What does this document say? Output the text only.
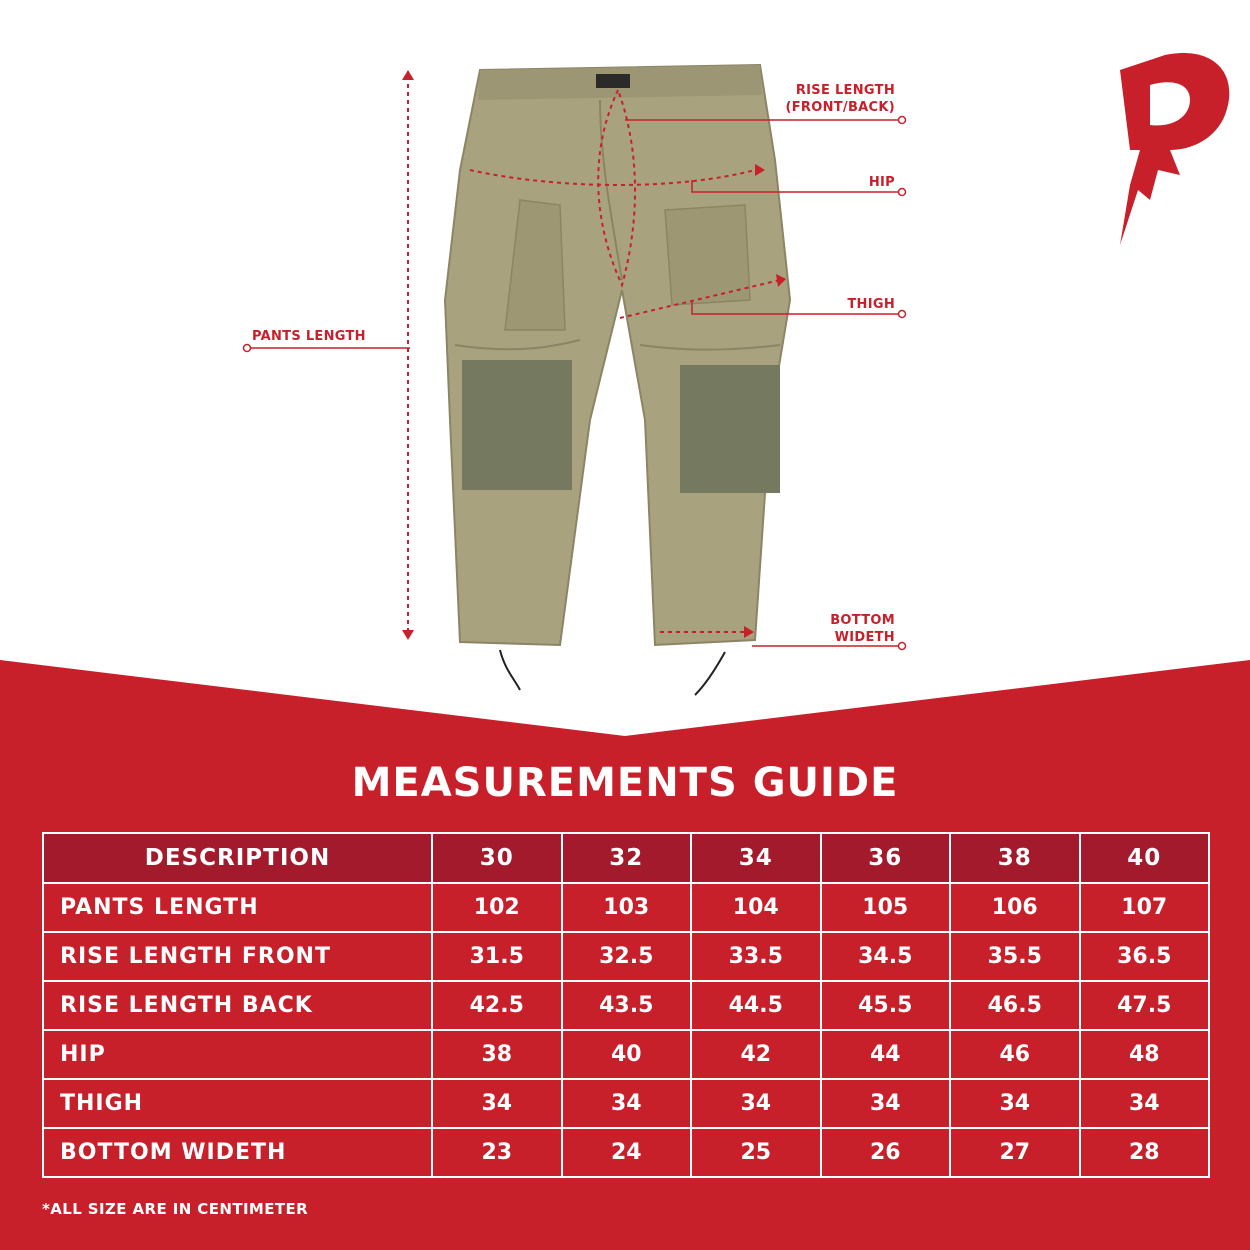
RISE LENGTH
(FRONT/BACK)
HIP
THIGH
PANTS LENGTH
BOTTOM
WIDETH
MEASUREMENTS GUIDE
DESCRIPTION	30	32	34	36	38	40
PANTS LENGTH	102	103	104	105	106	107
RISE LENGTH FRONT	31.5	32.5	33.5	34.5	35.5	36.5
RISE LENGTH BACK	42.5	43.5	44.5	45.5	46.5	47.5
HIP	38	40	42	44	46	48
THIGH	34	34	34	34	34	34
BOTTOM WIDETH	23	24	25	26	27	28
*ALL SIZE ARE IN CENTIMETER
